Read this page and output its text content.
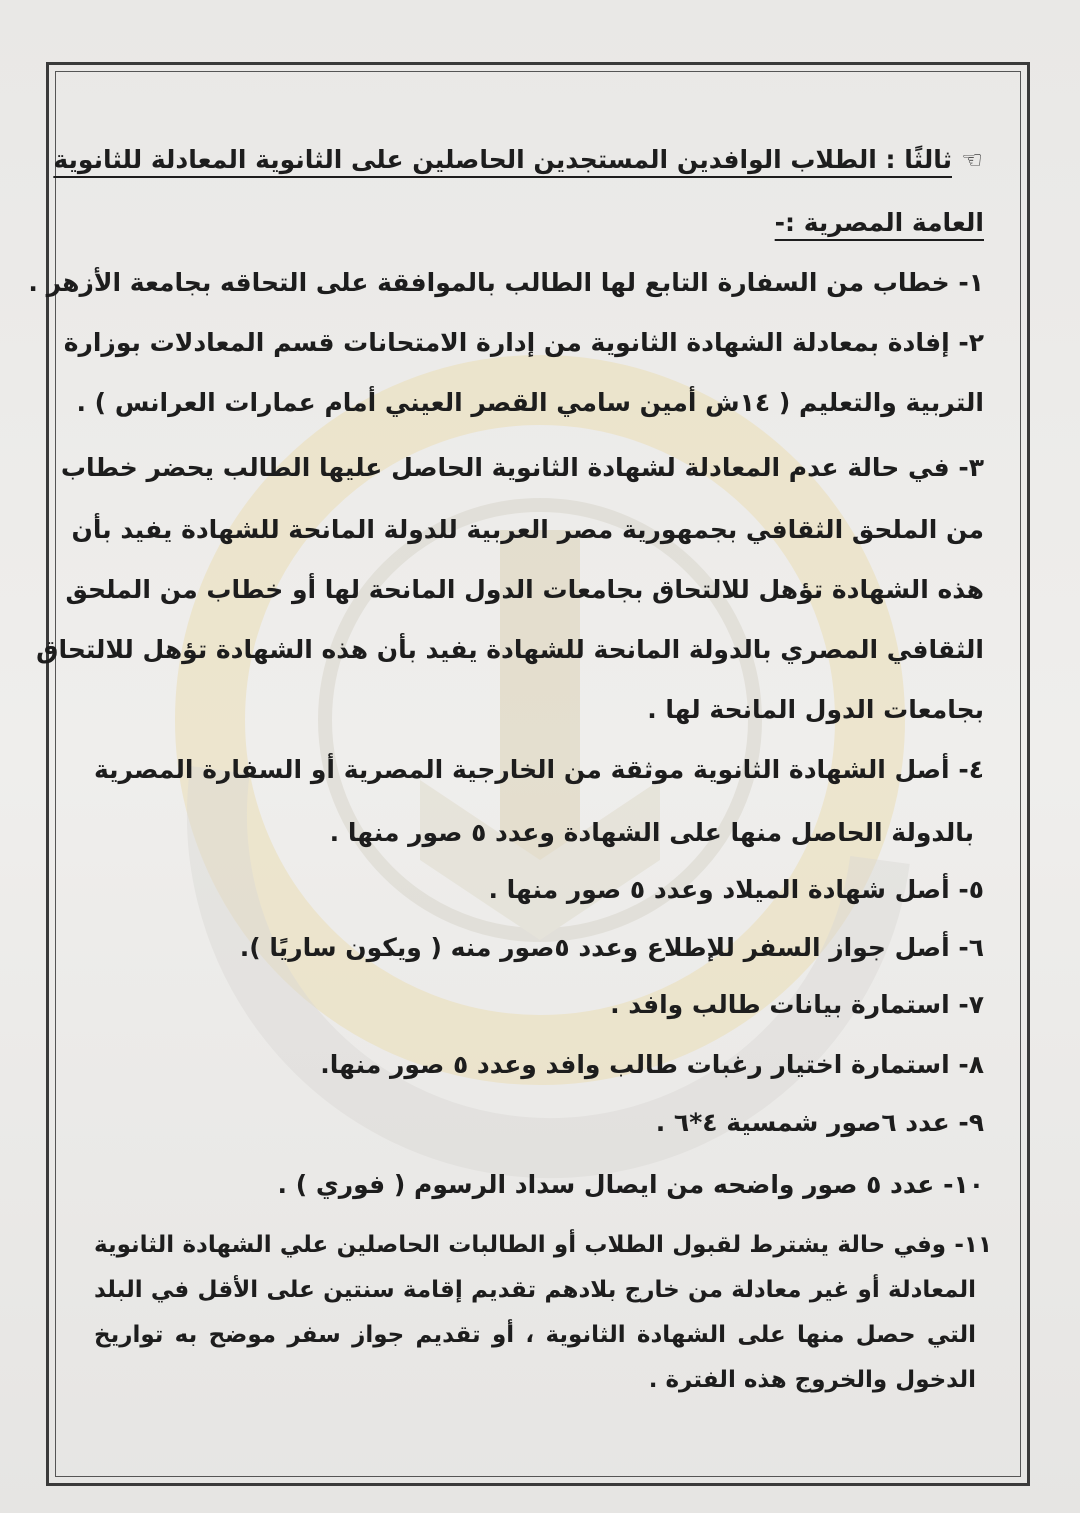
☜
ثالثًا : الطلاب الوافدين المستجدين الحاصلين على الثانوية المعادلة للثانوية
العامة المصرية :-
١- خطاب من السفارة التابع لها الطالب بالموافقة على التحاقه بجامعة الأزهر .
٢- إفادة بمعادلة الشهادة الثانوية من إدارة الامتحانات قسم المعادلات بوزارة
التربية والتعليم ( ١٤ش أمين سامي القصر العيني أمام عمارات العرانس ) .
٣- في حالة عدم المعادلة لشهادة الثانوية الحاصل عليها الطالب يحضر خطاب
من الملحق الثقافي بجمهورية مصر العربية للدولة المانحة للشهادة يفيد بأن
هذه الشهادة تؤهل للالتحاق بجامعات الدول المانحة لها أو خطاب من الملحق
الثقافي المصري بالدولة المانحة للشهادة يفيد بأن هذه الشهادة تؤهل للالتحاق
بجامعات الدول المانحة لها .
٤- أصل الشهادة الثانوية موثقة من الخارجية المصرية أو السفارة المصرية
بالدولة الحاصل منها على الشهادة وعدد ٥ صور منها .
٥- أصل شهادة الميلاد وعدد ٥ صور منها .
٦- أصل جواز السفر للإطلاع وعدد ٥صور منه ( ويكون ساريًا ).
٧- استمارة بيانات طالب وافد .
٨- استمارة اختيار رغبات طالب وافد وعدد ٥ صور منها.
٩- عدد ٦صور شمسية ٤*٦ .
١٠- عدد ٥ صور واضحه من ايصال سداد الرسوم ( فوري ) .
١١- وفي حالة يشترط لقبول الطلاب أو الطالبات الحاصلين علي الشهادة الثانوية
المعادلة أو غير معادلة من خارج بلادهم تقديم إقامة سنتين على الأقل في البلد
التي حصل منها على الشهادة الثانوية ، أو تقديم جواز سفر موضح به تواريخ
الدخول والخروج هذه الفترة .
